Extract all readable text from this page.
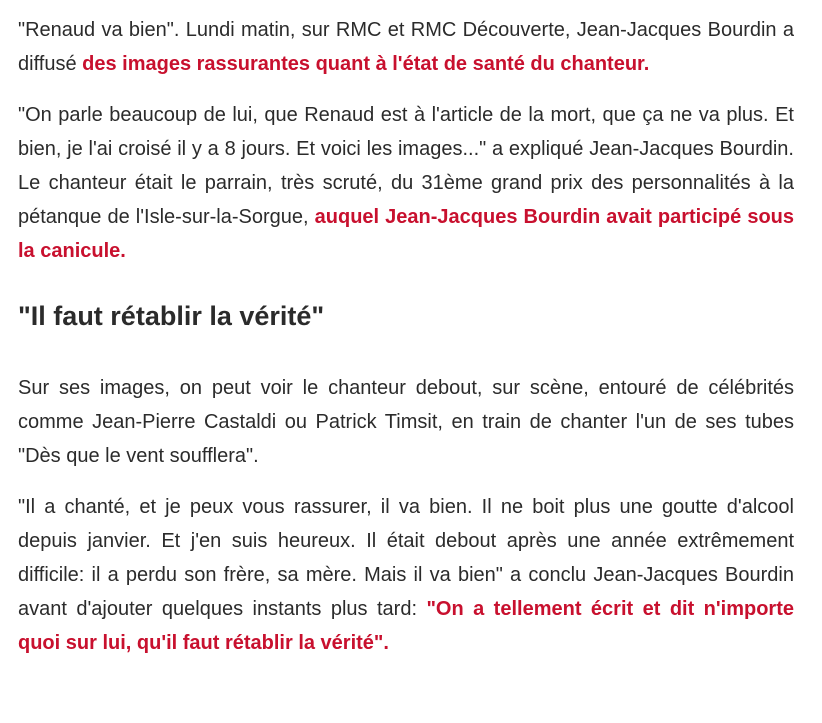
"Renaud va bien". Lundi matin, sur RMC et RMC Découverte, Jean-Jacques Bourdin a diffusé des images rassurantes quant à l'état de santé du chanteur.

"On parle beaucoup de lui, que Renaud est à l'article de la mort, que ça ne va plus. Et bien, je l'ai croisé il y a 8 jours. Et voici les images..." a expliqué Jean-Jacques Bourdin. Le chanteur était le parrain, très scruté, du 31ème grand prix des personnalités à la pétanque de l'Isle-sur-la-Sorgue, auquel Jean-Jacques Bourdin avait participé sous la canicule.

"Il faut rétablir la vérité"

Sur ses images, on peut voir le chanteur debout, sur scène, entouré de célébrités comme Jean-Pierre Castaldi ou Patrick Timsit, en train de chanter l'un de ses tubes "Dès que le vent soufflera".

"Il a chanté, et je peux vous rassurer, il va bien. Il ne boit plus une goutte d'alcool depuis janvier. Et j'en suis heureux. Il était debout après une année extrêmement difficile: il a perdu son frère, sa mère. Mais il va bien" a conclu Jean-Jacques Bourdin avant d'ajouter quelques instants plus tard: "On a tellement écrit et dit n'importe quoi sur lui, qu'il faut rétablir la vérité".
